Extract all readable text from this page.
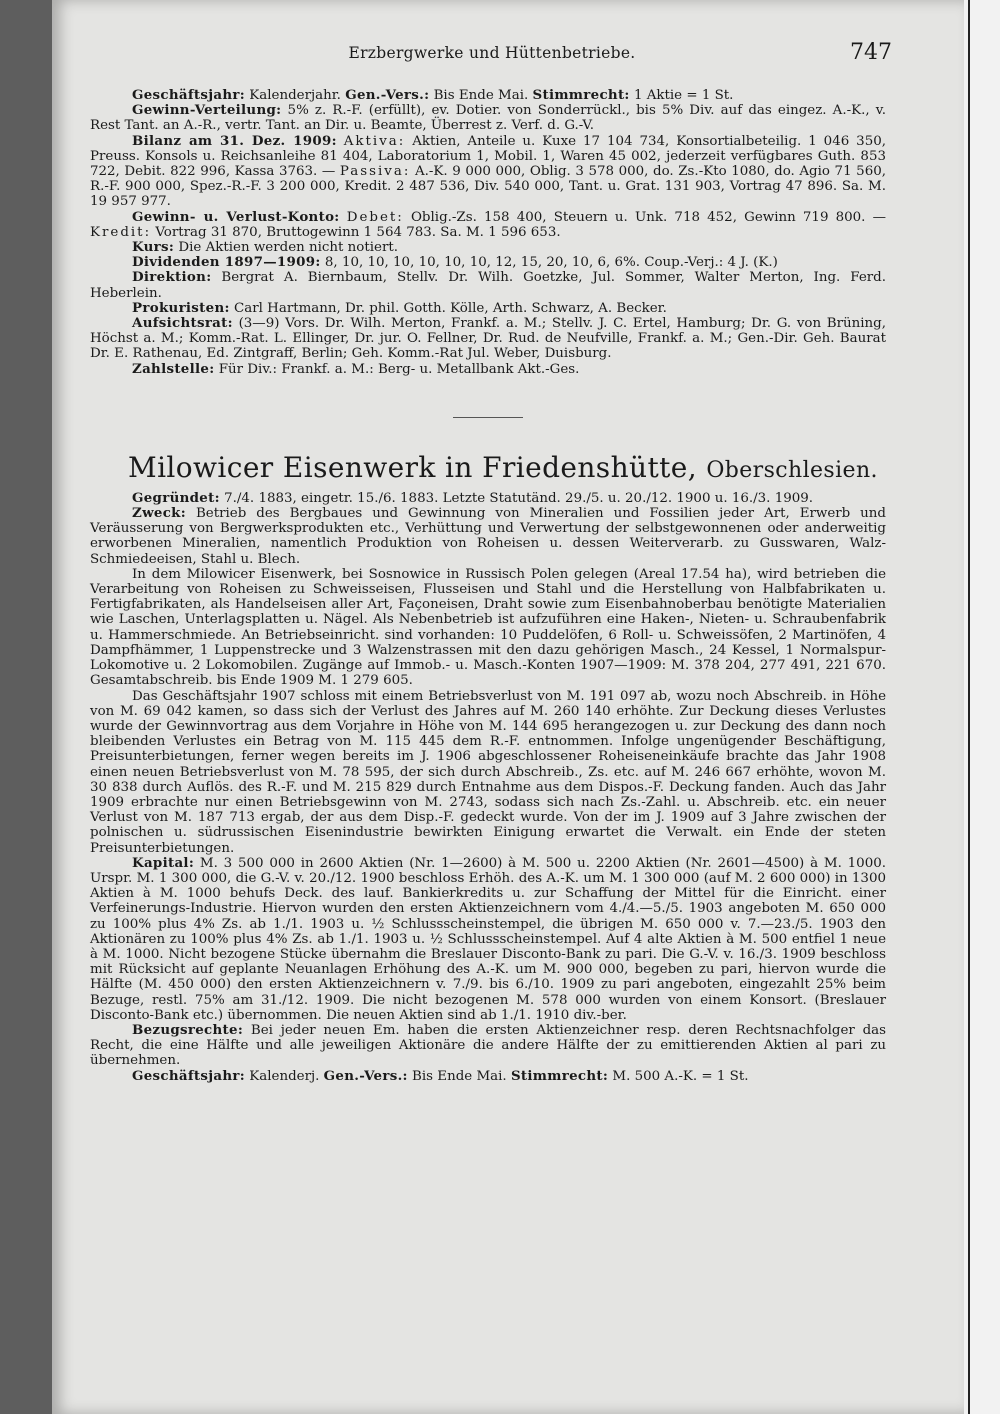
Erzbergwerke und Hüttenbetriebe.	747

Geschäftsjahr: Kalenderjahr. Gen.-Vers.: Bis Ende Mai. Stimmrecht: 1 Aktie = 1 St.

Gewinn-Verteilung: 5% z. R.-F. (erfüllt), ev. Dotier. von Sonderrückl., bis 5% Div. auf das eingez. A.-K., v. Rest Tant. an A.-R., vertr. Tant. an Dir. u. Beamte, Überrest z. Verf. d. G.-V.

Bilanz am 31. Dez. 1909: Aktiva: Aktien, Anteile u. Kuxe 17 104 734, Konsortialbeteilig. 1 046 350, Preuss. Konsols u. Reichsanleihe 81 404, Laboratorium 1, Mobil. 1, Waren 45 002, jederzeit verfügbares Guth. 853 722, Debit. 822 996, Kassa 3763. — Passiva: A.-K. 9 000 000, Oblig. 3 578 000, do. Zs.-Kto 1080, do. Agio 71 560, R.-F. 900 000, Spez.-R.-F. 3 200 000, Kredit. 2 487 536, Div. 540 000, Tant. u. Grat. 131 903, Vortrag 47 896. Sa. M. 19 957 977.

Gewinn- u. Verlust-Konto: Debet: Oblig.-Zs. 158 400, Steuern u. Unk. 718 452, Gewinn 719 800. — Kredit: Vortrag 31 870, Bruttogewinn 1 564 783. Sa. M. 1 596 653.

Kurs: Die Aktien werden nicht notiert.

Dividenden 1897—1909: 8, 10, 10, 10, 10, 10, 10, 12, 15, 20, 10, 6, 6%. Coup.-Verj.: 4 J. (K.)

Direktion: Bergrat A. Biernbaum, Stellv. Dr. Wilh. Goetzke, Jul. Sommer, Walter Merton, Ing. Ferd. Heberlein.

Prokuristen: Carl Hartmann, Dr. phil. Gotth. Kölle, Arth. Schwarz, A. Becker.

Aufsichtsrat: (3—9) Vors. Dr. Wilh. Merton, Frankf. a. M.; Stellv. J. C. Ertel, Hamburg; Dr. G. von Brüning, Höchst a. M.; Komm.-Rat. L. Ellinger, Dr. jur. O. Fellner, Dr. Rud. de Neufville, Frankf. a. M.; Gen.-Dir. Geh. Baurat Dr. E. Rathenau, Ed. Zintgraff, Berlin; Geh. Komm.-Rat Jul. Weber, Duisburg.

Zahlstelle: Für Div.: Frankf. a. M.: Berg- u. Metallbank Akt.-Ges.

Milowicer Eisenwerk in Friedenshütte, Oberschlesien.

Gegründet: 7./4. 1883, eingetr. 15./6. 1883. Letzte Statutänd. 29./5. u. 20./12. 1900 u. 16./3. 1909.

Zweck: Betrieb des Bergbaues und Gewinnung von Mineralien und Fossilien jeder Art, Erwerb und Veräusserung von Bergwerksprodukten etc., Verhüttung und Verwertung der selbstgewonnenen oder anderweitig erworbenen Mineralien, namentlich Produktion von Roheisen u. dessen Weiterverarb. zu Gusswaren, Walz-Schmiedeeisen, Stahl u. Blech.

In dem Milowicer Eisenwerk, bei Sosnowice in Russisch Polen gelegen (Areal 17.54 ha), wird betrieben die Verarbeitung von Roheisen zu Schweisseisen, Flusseisen und Stahl und die Herstellung von Halbfabrikaten u. Fertigfabrikaten, als Handelseisen aller Art, Façoneisen, Draht sowie zum Eisenbahnoberbau benötigte Materialien wie Laschen, Unterlagsplatten u. Nägel. Als Nebenbetrieb ist aufzuführen eine Haken-, Nieten- u. Schraubenfabrik u. Hammerschmiede. An Betriebseinricht. sind vorhanden: 10 Puddelöfen, 6 Roll- u. Schweissöfen, 2 Martinöfen, 4 Dampfhämmer, 1 Luppenstrecke und 3 Walzenstrassen mit den dazu gehörigen Masch., 24 Kessel, 1 Normalspur-Lokomotive u. 2 Lokomobilen. Zugänge auf Immob.- u. Masch.-Konten 1907—1909: M. 378 204, 277 491, 221 670. Gesamtabschreib. bis Ende 1909 M. 1 279 605.

Das Geschäftsjahr 1907 schloss mit einem Betriebsverlust von M. 191 097 ab, wozu noch Abschreib. in Höhe von M. 69 042 kamen, so dass sich der Verlust des Jahres auf M. 260 140 erhöhte. Zur Deckung dieses Verlustes wurde der Gewinnvortrag aus dem Vorjahre in Höhe von M. 144 695 herangezogen u. zur Deckung des dann noch bleibenden Verlustes ein Betrag von M. 115 445 dem R.-F. entnommen. Infolge ungenügender Beschäftigung, Preisunterbietungen, ferner wegen bereits im J. 1906 abgeschlossener Roheiseneinkäufe brachte das Jahr 1908 einen neuen Betriebsverlust von M. 78 595, der sich durch Abschreib., Zs. etc. auf M. 246 667 erhöhte, wovon M. 30 838 durch Auflös. des R.-F. und M. 215 829 durch Entnahme aus dem Dispos.-F. Deckung fanden. Auch das Jahr 1909 erbrachte nur einen Betriebsgewinn von M. 2743, sodass sich nach Zs.-Zahl. u. Abschreib. etc. ein neuer Verlust von M. 187 713 ergab, der aus dem Disp.-F. gedeckt wurde. Von der im J. 1909 auf 3 Jahre zwischen der polnischen u. südrussischen Eisenindustrie bewirkten Einigung erwartet die Verwalt. ein Ende der steten Preisunterbietungen.

Kapital: M. 3 500 000 in 2600 Aktien (Nr. 1—2600) à M. 500 u. 2200 Aktien (Nr. 2601—4500) à M. 1000. Urspr. M. 1 300 000, die G.-V. v. 20./12. 1900 beschloss Erhöh. des A.-K. um M. 1 300 000 (auf M. 2 600 000) in 1300 Aktien à M. 1000 behufs Deck. des lauf. Bankierkredits u. zur Schaffung der Mittel für die Einricht. einer Verfeinerungs-Industrie. Hiervon wurden den ersten Aktienzeichnern vom 4./4.—5./5. 1903 angeboten M. 650 000 zu 100% plus 4% Zs. ab 1./1. 1903 u. ½ Schlussscheinstempel, die übrigen M. 650 000 v. 7.—23./5. 1903 den Aktionären zu 100% plus 4% Zs. ab 1./1. 1903 u. ½ Schlussscheinstempel. Auf 4 alte Aktien à M. 500 entfiel 1 neue à M. 1000. Nicht bezogene Stücke übernahm die Breslauer Disconto-Bank zu pari. Die G.-V. v. 16./3. 1909 beschloss mit Rücksicht auf geplante Neuanlagen Erhöhung des A.-K. um M. 900 000, begeben zu pari, hiervon wurde die Hälfte (M. 450 000) den ersten Aktienzeichnern v. 7./9. bis 6./10. 1909 zu pari angeboten, eingezahlt 25% beim Bezuge, restl. 75% am 31./12. 1909. Die nicht bezogenen M. 578 000 wurden von einem Konsort. (Breslauer Disconto-Bank etc.) übernommen. Die neuen Aktien sind ab 1./1. 1910 div.-ber.

Bezugsrechte: Bei jeder neuen Em. haben die ersten Aktienzeichner resp. deren Rechtsnachfolger das Recht, die eine Hälfte und alle jeweiligen Aktionäre die andere Hälfte der zu emittierenden Aktien al pari zu übernehmen.

Geschäftsjahr: Kalenderj. Gen.-Vers.: Bis Ende Mai. Stimmrecht: M. 500 A.-K. = 1 St.
